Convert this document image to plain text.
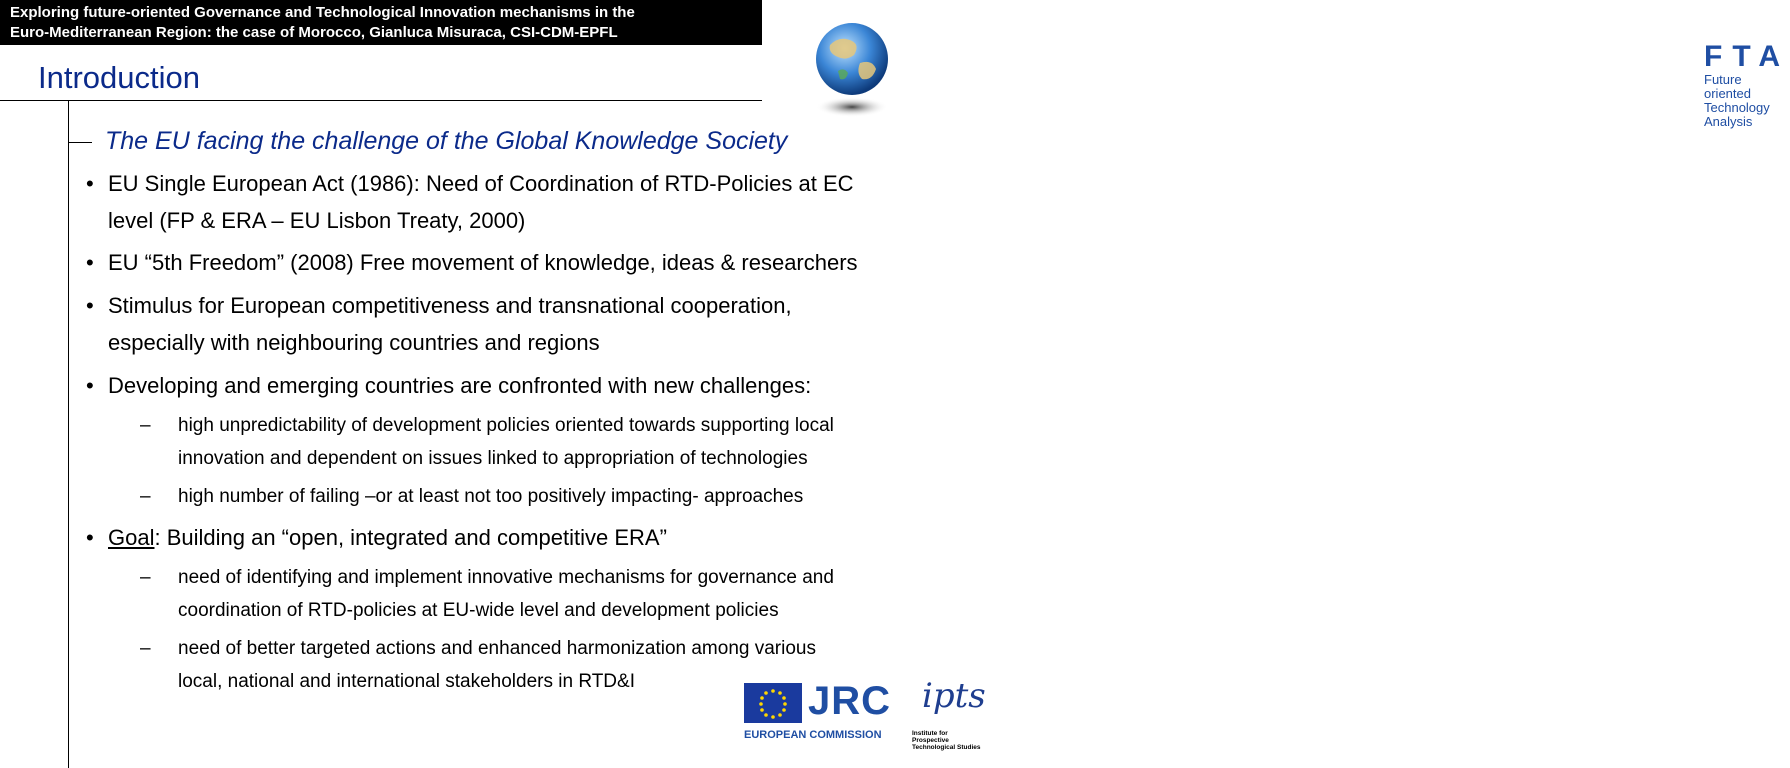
Exploring future-oriented Governance and Technological Innovation mechanisms in the
Euro-Mediterranean Region: the case of Morocco, Gianluca Misuraca, CSI-CDM-EPFL
Introduction
The EU facing the challenge of the Global Knowledge Society
• EU Single European Act (1986): Need of Coordination of RTD-Policies at EC
level (FP & ERA – EU Lisbon Treaty, 2000)
• EU “5th Freedom” (2008) Free movement of knowledge, ideas & researchers
• Stimulus for European competitiveness and transnational cooperation,
especially with neighbouring countries and regions
• Developing and emerging countries are confronted with new challenges:
– high unpredictability of development policies oriented towards supporting local
innovation and dependent on issues linked to appropriation of technologies
– high number of failing –or at least not too positively impacting- approaches
• Goal: Building an “open, integrated and competitive ERA”
– need of identifying and implement innovative mechanisms for governance and
coordination of RTD-policies at EU-wide level and development policies
– need of better targeted actions and enhanced harmonization among various
local, national and international stakeholders in RTD&I
FTA
Future oriented
Technology
Analysis
JRC
EUROPEAN COMMISSION
ipts
Institute for
Prospective
Technological Studies
